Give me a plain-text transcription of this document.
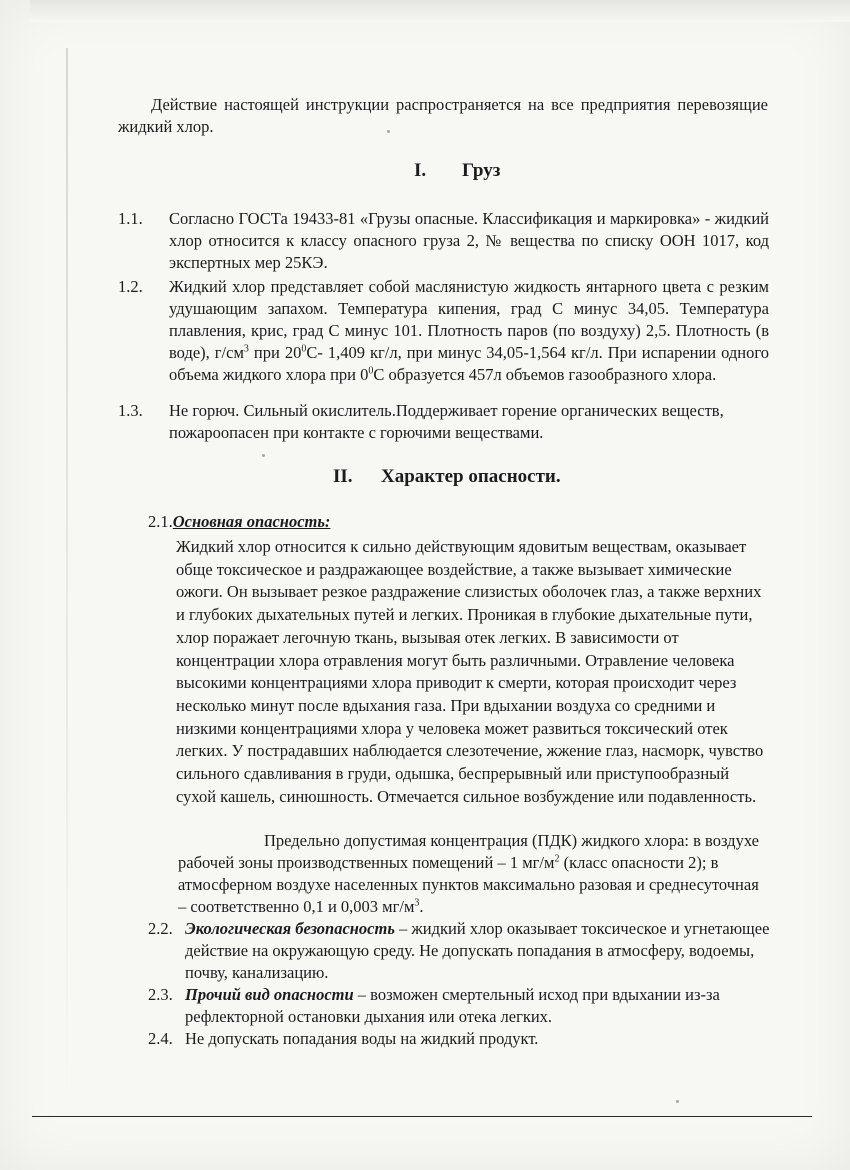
Действие настоящей инструкции распространяется на все предприятия перевозящие жидкий хлор.

I. Груз
1.1. Согласно ГОСТа 19433-81 «Грузы опасные. Классификация и маркировка» - жидкий хлор относится к классу опасного груза 2, № вещества по списку ООН 1017, код экспертных мер 25КЭ.
1.2. Жидкий хлор представляет собой маслянистую жидкость янтарного цвета с резким удушающим запахом. Температура кипения, град С минус 34,05. Температура плавления, крис, град С минус 101. Плотность паров (по воздуху) 2,5. Плотность (в воде), $г/см^3$ при $20^0С-$ 1,409 кг/л, при минус 34,05-1,564 кг/л. При испарении одного объема жидкого хлора при $0^0С$ образуется 457л объемов газообразного хлора.
1.3. Не горюч. Сильный окислитель.Поддерживает горение органических веществ, пожароопасен при контакте с горючими веществами.
II. Характер опасности.

2.1.Основная опасность:

Жидкий хлор относится к сильно действующим ядовитым веществам, оказывает обще токсическое и раздражающее воздействие, а также вызывает химические ожоги. Он вызывает резкое раздражение слизистых оболочек глаз, а также верхних и глубоких дыхательных путей и легких. Проникая в глубокие дыхательные пути, хлор поражает легочную ткань, вызывая отек легких. В зависимости от концентрации хлора отравления могут быть различными. Отравление человека высокими концентрациями хлора приводит к смерти, которая происходит через несколько минут после вдыхания газа. При вдыхании воздуха со средними и низкими концентрациями хлора у человека может развиться токсический отек легких. У пострадавших наблюдается слезотечение, жжение глаз, насморк, чувство сильного сдавливания в груди, одышка, беспрерывный или приступообразный сухой кашель, синюшность. Отмечается сильное возбуждение или подавленность.

Предельно допустимая концентрация (ПДК) жидкого хлора: в воздухе рабочей зоны производственных помещений – 1 $мг/м^2$ (класс опасности 2); в атмосферном воздухе населенных пунктов максимально разовая и среднесуточная – соответственно 0,1 и 0,003 $мг/м^3$.

2.2. Экологическая безопасность – жидкий хлор оказывает токсическое и угнетающее действие на окружающую среду. Не допускать попадания в атмосферу, водоемы, почву, канализацию.
2.3. Прочий вид опасности – возможен смертельный исход при вдыхании из-за рефлекторной остановки дыхания или отека легких.
2.4. Не допускать попадания воды на жидкий продукт.
